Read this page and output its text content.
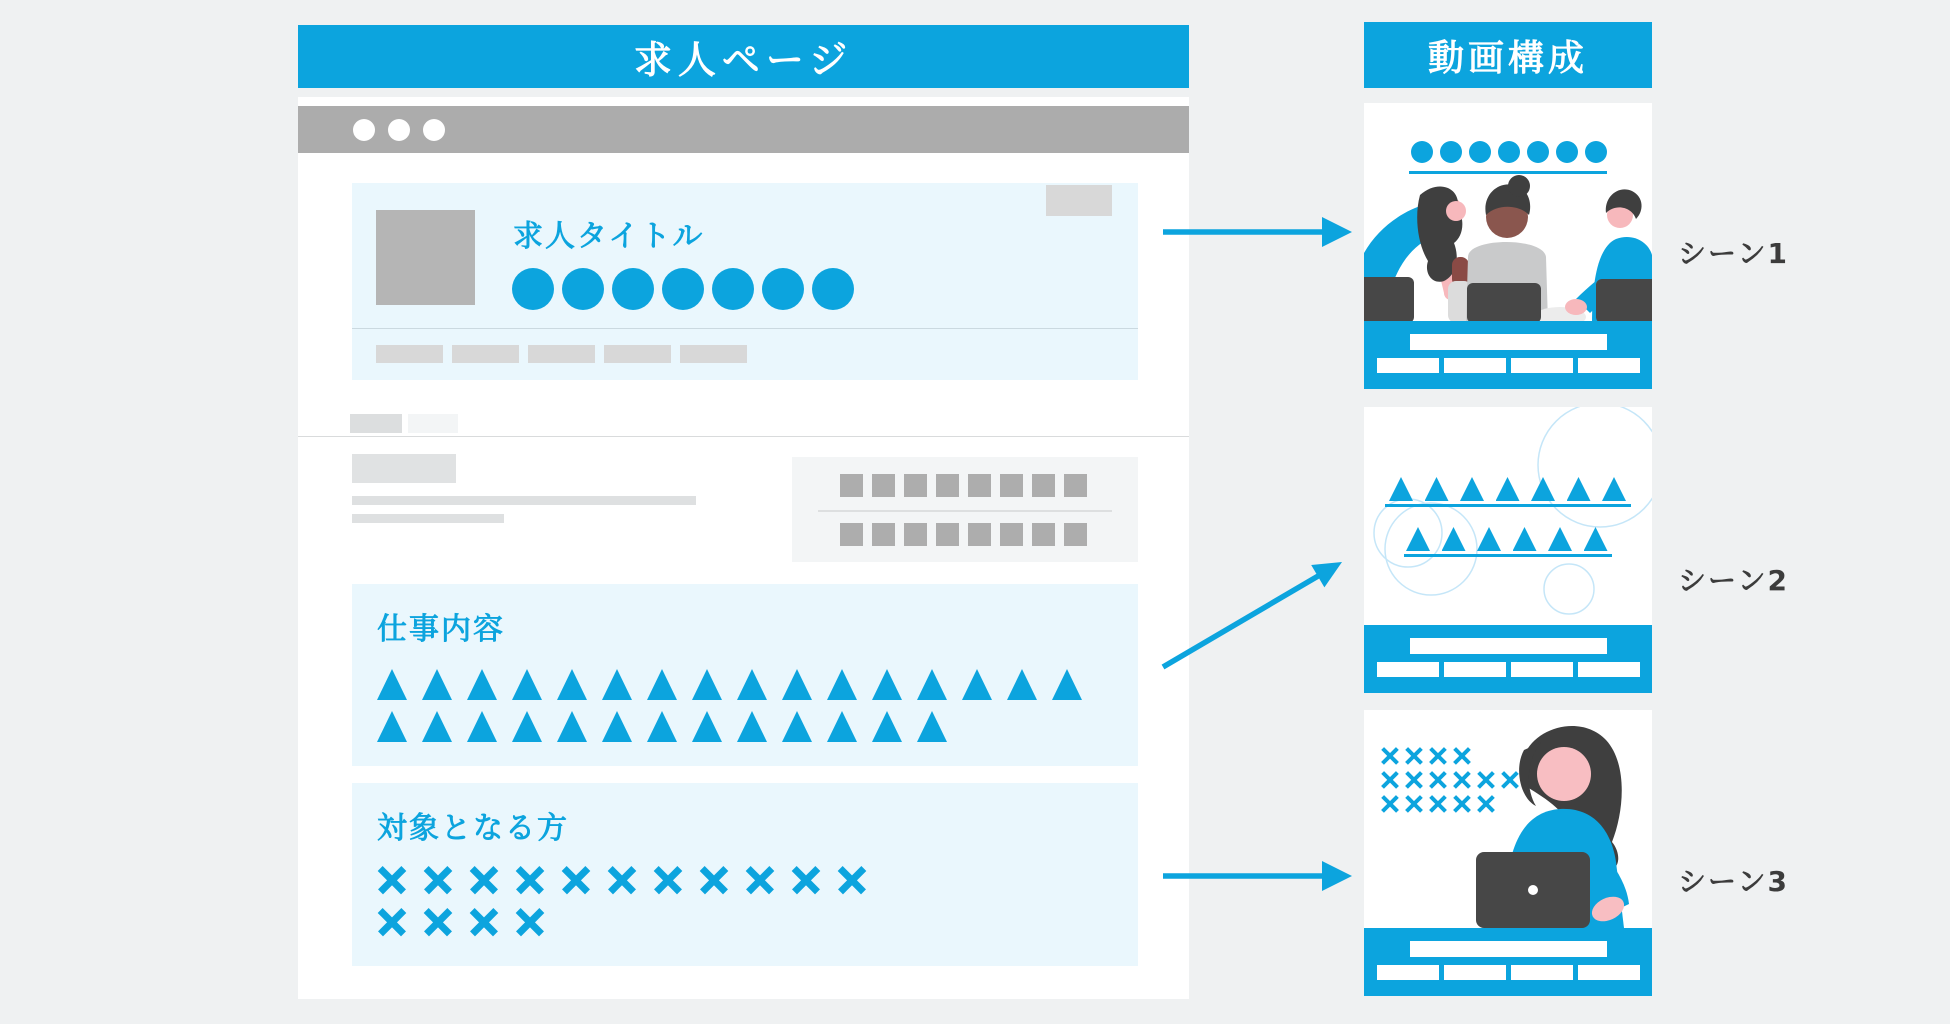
求人ページ
求人タイトル
仕事内容
対象となる方
動画構成
シーン1
シーン2
シーン3
